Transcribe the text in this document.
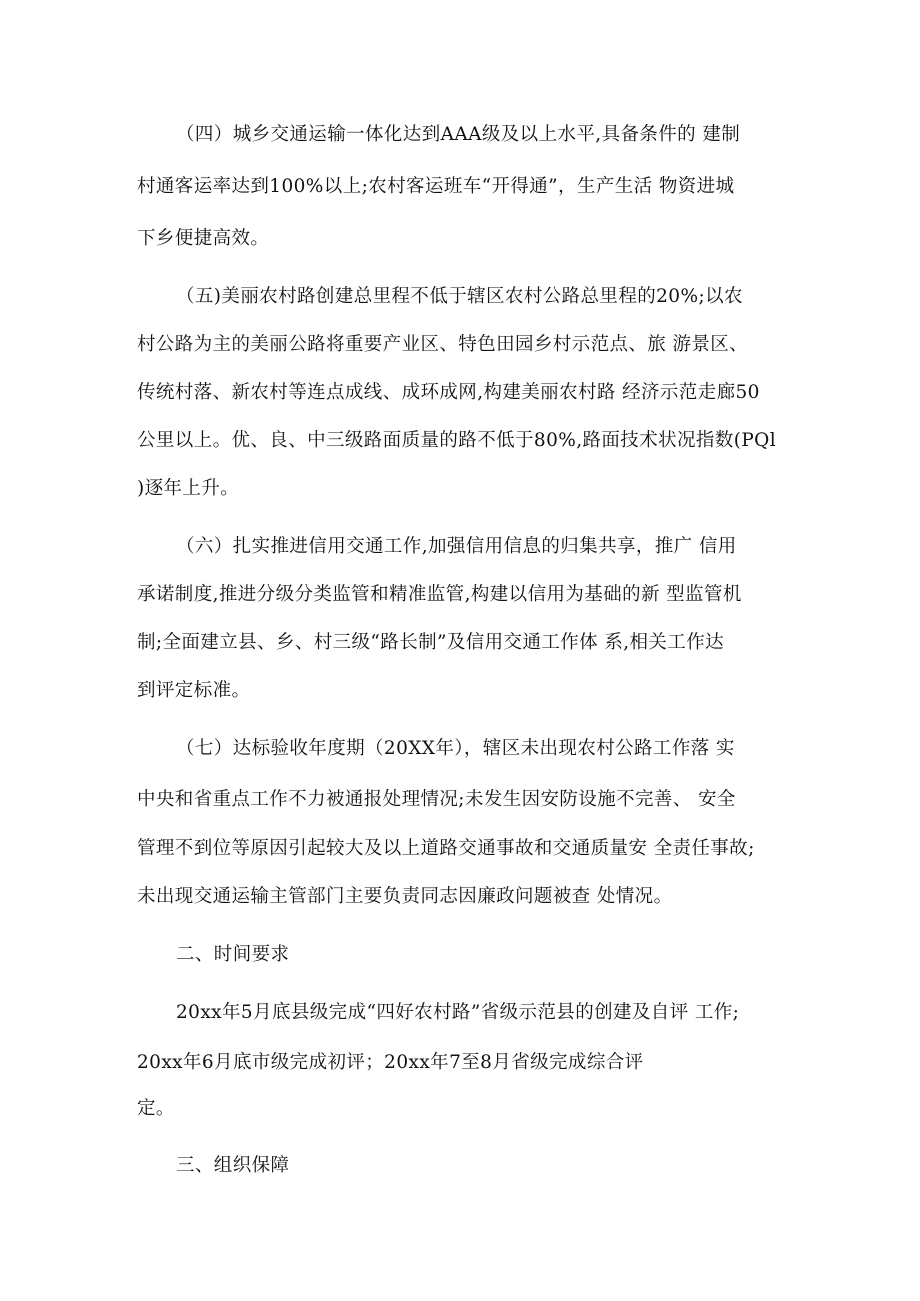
（四）城乡交通运输一体化达到AAA级及以上水平,具备条件的 建制

村通客运率达到100%以上;农村客运班车“开得通”，生产生活 物资进城

下乡便捷高效。

（五)美丽农村路创建总里程不低于辖区农村公路总里程的20%;以农

村公路为主的美丽公路将重要产业区、特色田园乡村示范点、旅 游景区、

传统村落、新农村等连点成线、成环成网,构建美丽农村路 经济示范走廊50

公里以上。优、良、中三级路面质量的路不低于80%,路面技术状况指数(PQl

)逐年上升。

（六）扎实推进信用交通工作,加强信用信息的归集共享，推广 信用

承诺制度,推进分级分类监管和精准监管,构建以信用为基础的新 型监管机

制;全面建立县、乡、村三级“路长制”及信用交通工作体 系,相关工作达

到评定标准。

（七）达标验收年度期（20XX年），辖区未出现农村公路工作落 实

中央和省重点工作不力被通报处理情况;未发生因安防设施不完善、 安全

管理不到位等原因引起较大及以上道路交通事故和交通质量安 全责任事故;

未出现交通运输主管部门主要负责同志因廉政问题被查 处情况。

二、时间要求

20xx年5月底县级完成“四好农村路”省级示范县的创建及自评 工作;

20xx年6月底市级完成初评；20xx年7至8月省级完成综合评

定。

三、组织保障
